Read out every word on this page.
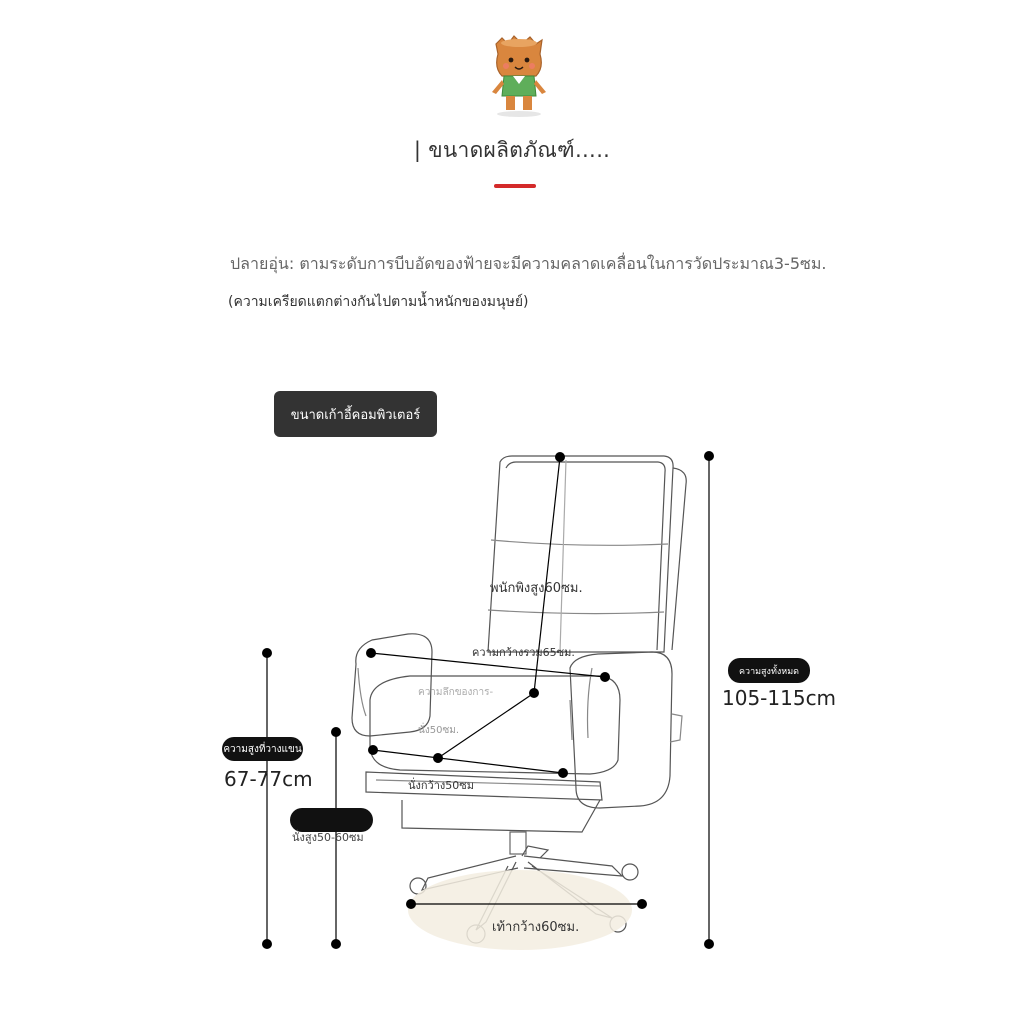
| ขนาดผลิตภัณฑ์…..
ปลายอุ่น: ตามระดับการบีบอัดของฟ้ายจะมีความคลาดเคลื่อนในการวัดประมาณ3-5ซม.
(ความเครียดแตกต่างกันไปตามน้ำหนักของมนุษย์)
ขนาดเก้าอี้คอมพิวเตอร์
ความสูงทั้งหมด
105-115cm
ความสูงที่วางแขน
67-77cm
นั่งสูง50-60ซม
พนักพิงสูง60ซม.
ความกว้างรวม65ซม.
ความลึกของการ-
นั่ง50ซม.
นั่งกว้าง50ซม
เท้ากว้าง60ซม.
